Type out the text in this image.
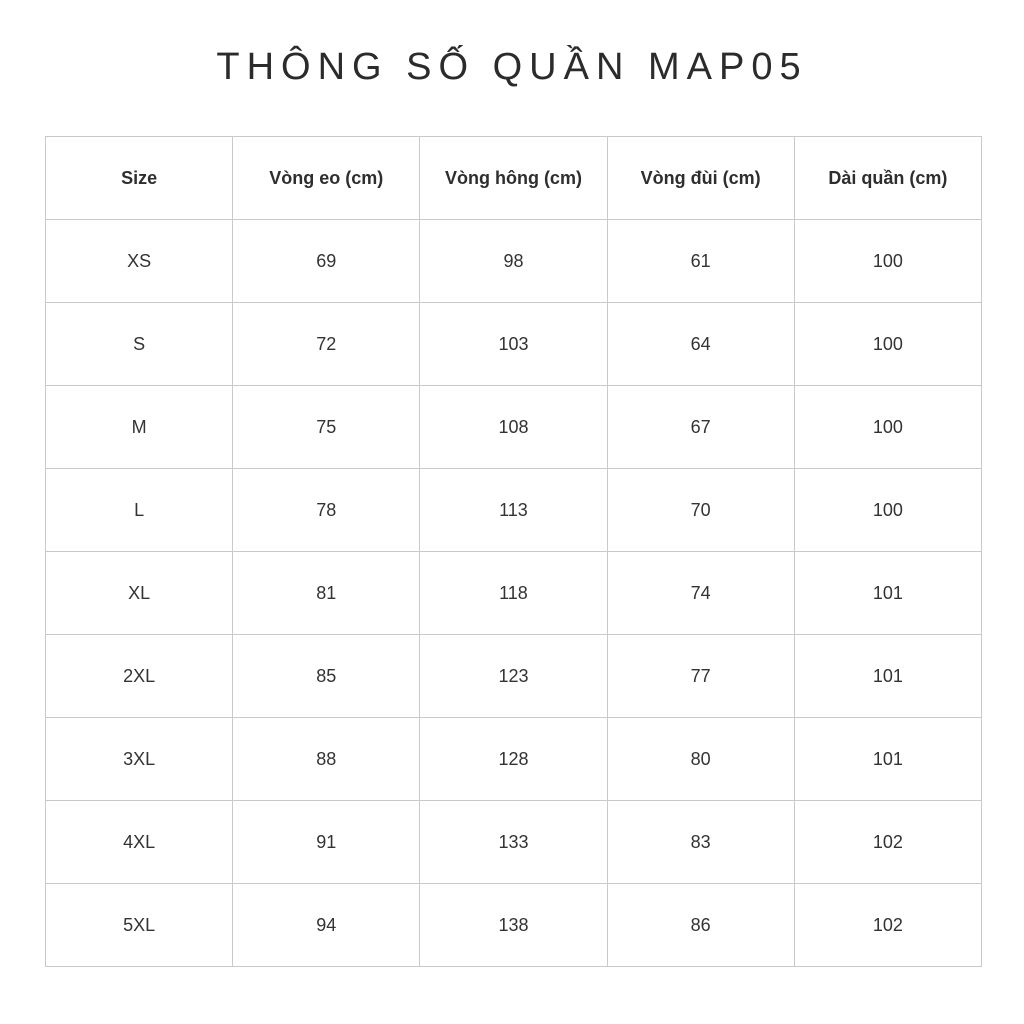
THÔNG SỐ QUẦN MAP05
Size	Vòng eo (cm)	Vòng hông (cm)	Vòng đùi (cm)	Dài quần (cm)
XS	69	98	61	100
S	72	103	64	100
M	75	108	67	100
L	78	113	70	100
XL	81	118	74	101
2XL	85	123	77	101
3XL	88	128	80	101
4XL	91	133	83	102
5XL	94	138	86	102
